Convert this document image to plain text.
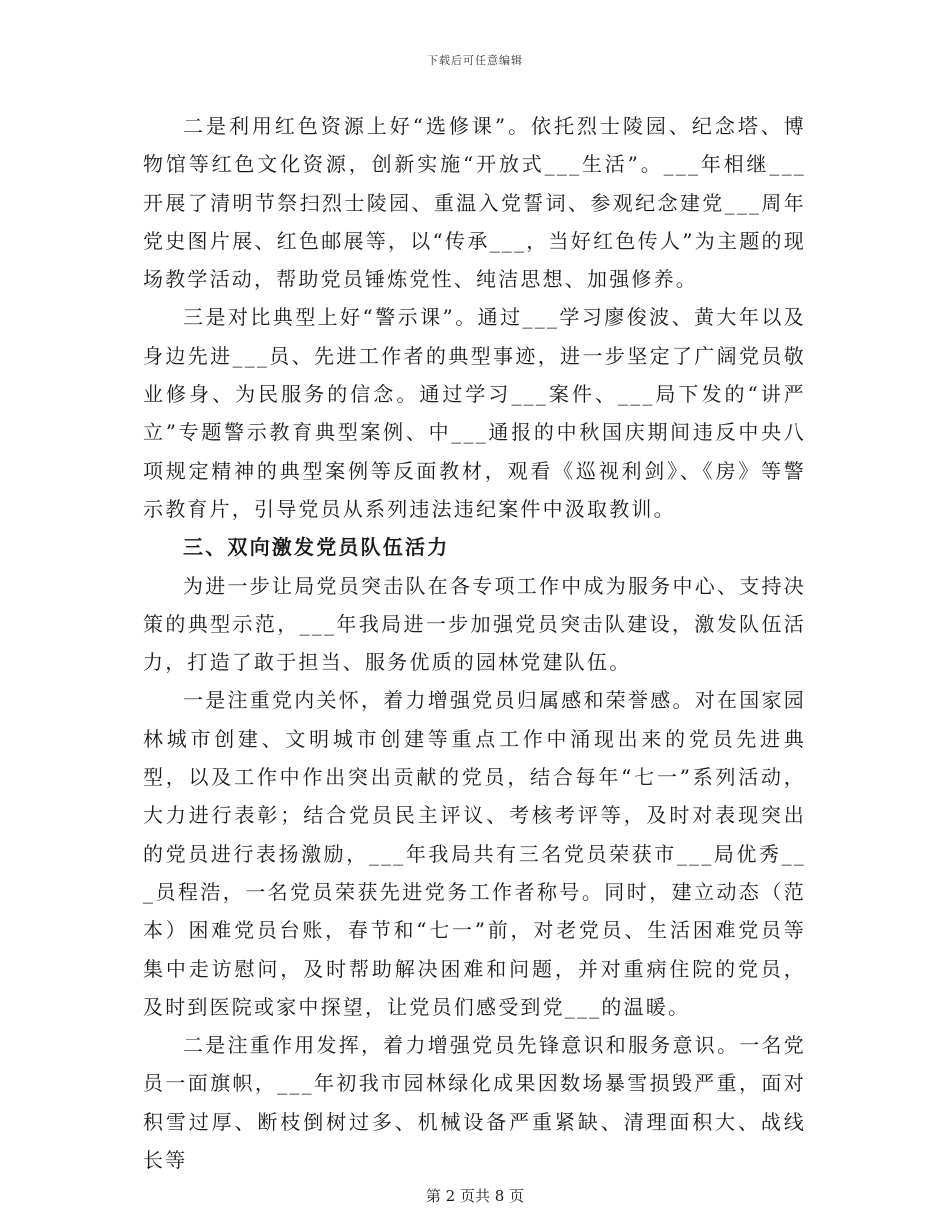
下载后可任意编辑

二是利用红色资源上好“选修课”。依托烈士陵园、纪念塔、博物馆等红色文化资源，创新实施“开放式___生活”。___年相继___开展了清明节祭扫烈士陵园、重温入党誓词、参观纪念建党___周年党史图片展、红色邮展等，以“传承___，当好红色传人”为主题的现场教学活动，帮助党员锤炼党性、纯洁思想、加强修养。

三是对比典型上好“警示课”。通过___学习廖俊波、黄大年以及身边先进___员、先进工作者的典型事迹，进一步坚定了广阔党员敬业修身、为民服务的信念。通过学习___案件、___局下发的“讲严立”专题警示教育典型案例、中___通报的中秋国庆期间违反中央八项规定精神的典型案例等反面教材，观看《巡视利剑》、《房》等警示教育片，引导党员从系列违法违纪案件中汲取教训。

三、双向激发党员队伍活力

为进一步让局党员突击队在各专项工作中成为服务中心、支持决策的典型示范，___年我局进一步加强党员突击队建设，激发队伍活力，打造了敢于担当、服务优质的园林党建队伍。

一是注重党内关怀，着力增强党员归属感和荣誉感。对在国家园林城市创建、文明城市创建等重点工作中涌现出来的党员先进典型，以及工作中作出突出贡献的党员，结合每年“七一”系列活动，大力进行表彰；结合党员民主评议、考核考评等，及时对表现突出的党员进行表扬激励，___年我局共有三名党员荣获市___局优秀___员程浩，一名党员荣获先进党务工作者称号。同时，建立动态（范本）困难党员台账，春节和“七一”前，对老党员、生活困难党员等集中走访慰问，及时帮助解决困难和问题，并对重病住院的党员，及时到医院或家中探望，让党员们感受到党___的温暖。

二是注重作用发挥，着力增强党员先锋意识和服务意识。一名党员一面旗帜，___年初我市园林绿化成果因数场暴雪损毁严重，面对积雪过厚、断枝倒树过多、机械设备严重紧缺、清理面积大、战线长等

第 2 页共 8 页
